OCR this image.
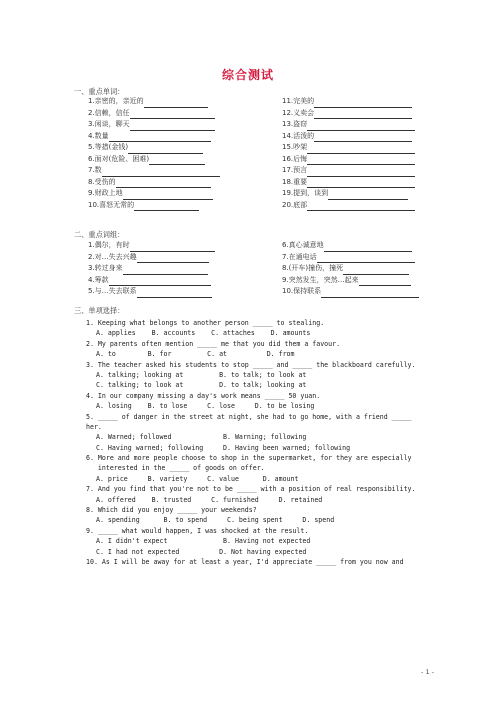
综合测试
一、重点单词：
1.亲密的，亲近的
2.信赖，信任
3.闲谈，聊天
4.数量
5.等措(金钱)
6.面对(危险、困难)
7.数
8.受伤的
9.财政上地
10.喜怒无常的
11.完美的
12.义卖会
13.盗窃
14.活泼的
15.吵架
16.后悔
17.预言
18.重要
19.提到，谈到
20.底部
二、重点词组：
1.偶尔，有时
2.对…失去兴趣
3.转过身来
4.筹款
5.与…失去联系
6.真心诚意地
7.在通电话
8.(开车)撞伤，撞死
9.突然发生，突然…起来
10.保持联系
三、单项选择：
1. Keeping what belongs to another person _____ to stealing.
A. applies    B. accounts    C. attaches    D. amounts
2. My parents often mention _____ me that you did them a favour.
A. to        B. for         C. at          D. from
3. The teacher asked his students to stop _____ and _____ the blackboard carefully.
A. talking; looking at         B. to talk; to look at
C. talking; to look at         D. to talk; looking at
4. In our company missing a day's work means _____ 50 yuan.
A. losing    B. to lose     C. lose     D. to be losing
5. _____ of danger in the street at night, she had to go home, with a friend _____
her.
A. Warned; followed             B. Warning; following
C. Having warned; following     D. Having been warned; following
6. More and more people choose to shop in the supermarket, for they are especially
interested in the _____ of goods on offer.
A. price     B. variety     C. value      D. amount
7. And you find that you're not to be _____ with a position of real responsibility.
A. offered    B. trusted     C. furnished     D. retained
8. Which did you enjoy _____ your weekends?
A. spending      B. to spend     C. being spent     D. spend
9. _____ what would happen, I was shocked at the result.
A. I didn't expect              B. Having not expected
C. I had not expected          D. Not having expected
10. As I will be away for at least a year, I'd appreciate _____ from you now and
- 1 -
